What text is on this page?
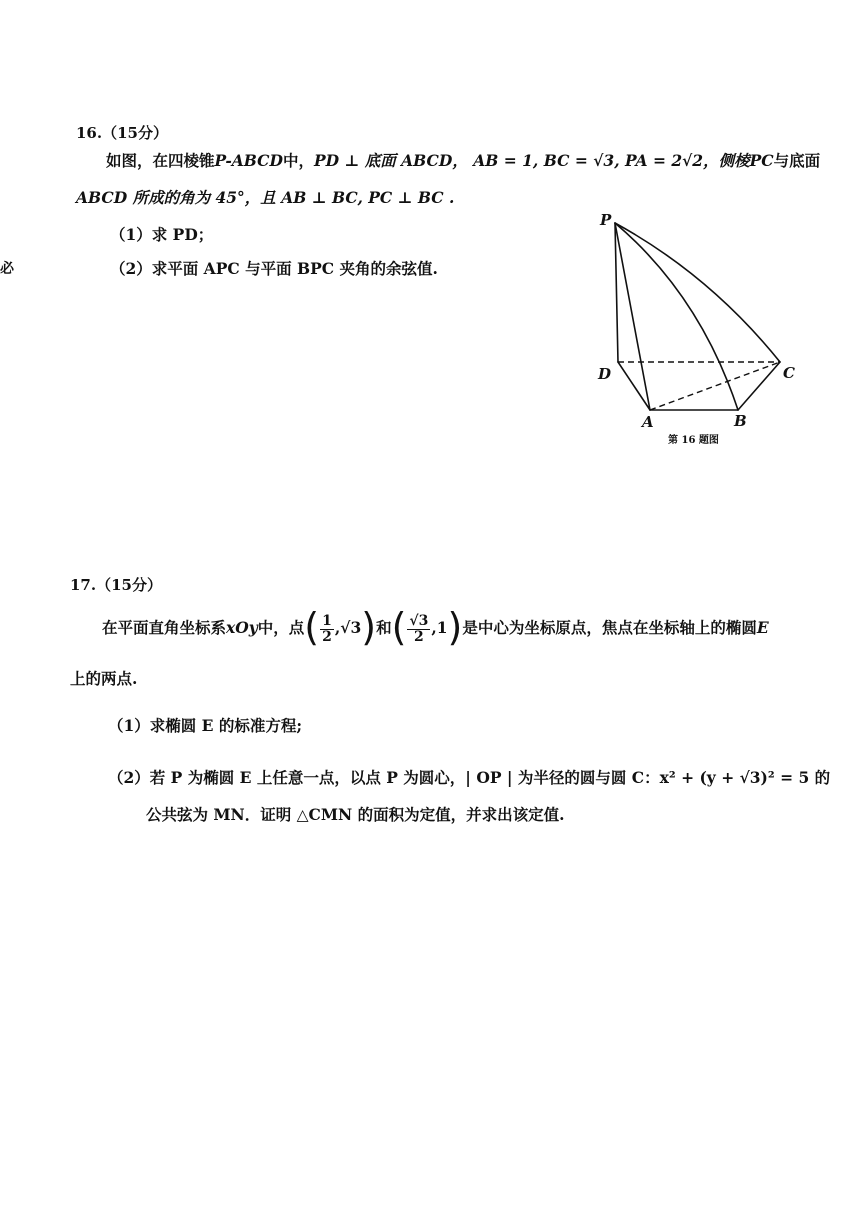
必
16.（15分）
如图，在四棱锥P-ABCD中，PD ⊥ 底面 ABCD， AB = 1, BC = √3, PA = 2√2，侧棱PC与底面
ABCD 所成的角为 45°，且 AB ⊥ BC, PC ⊥ BC .
（1）求 PD；
（2）求平面 APC 与平面 BPC 夹角的余弦值.
P
D	C
A	B
第 16 题图
17.（15分）
在平面直角坐标系xOy中，点( $\frac{1}{2} ,√3$)和( $\frac{√3}{2} ,1$)是中心为坐标原点，焦点在坐标轴上的椭圆E
上的两点.
（1）求椭圆 E 的标准方程;
（2）若 P 为椭圆 E 上任意一点，以点 P 为圆心，| OP | 为半径的圆与圆 C：x² + (y + √3)² = 5 的
公共弦为 MN．证明 △CMN 的面积为定值，并求出该定值.
